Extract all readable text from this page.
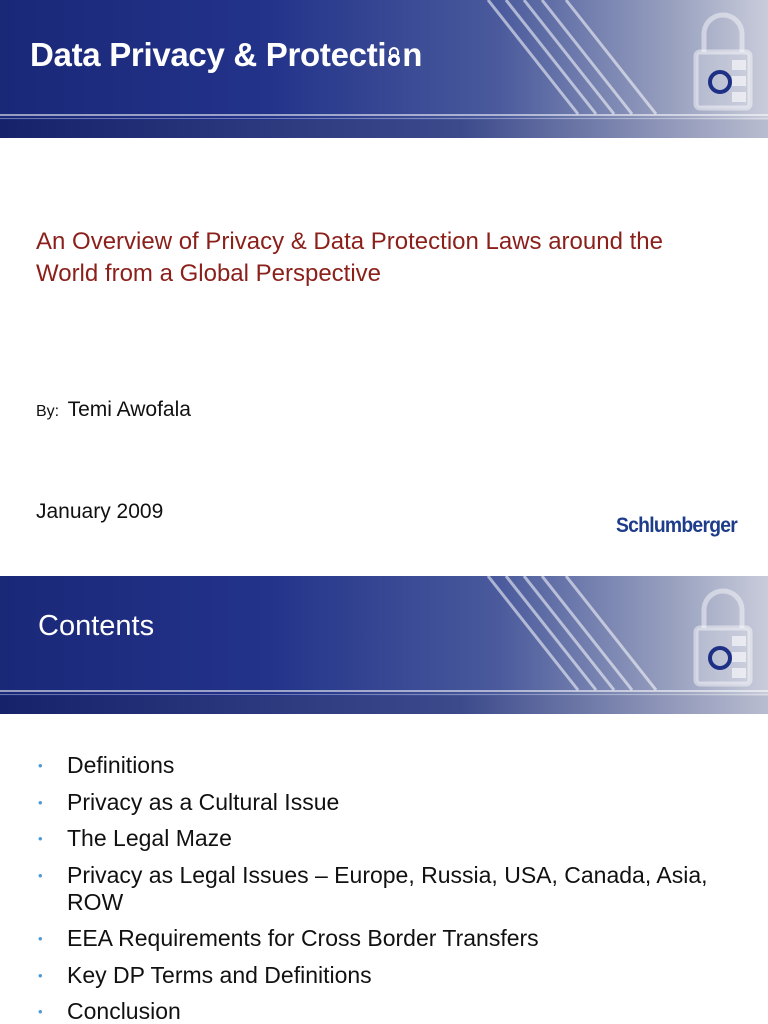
Data Privacy & Protecti n
An Overview of Privacy & Data Protection Laws around the
World from a Global Perspective
By: Temi Awofala
January 2009
Schlumberger
Contents
• Definitions
• Privacy as a Cultural Issue
• The Legal Maze
• Privacy as Legal Issues – Europe, Russia, USA, Canada, Asia, ROW
• EEA Requirements for Cross Border Transfers
• Key DP Terms and Definitions
• Conclusion
